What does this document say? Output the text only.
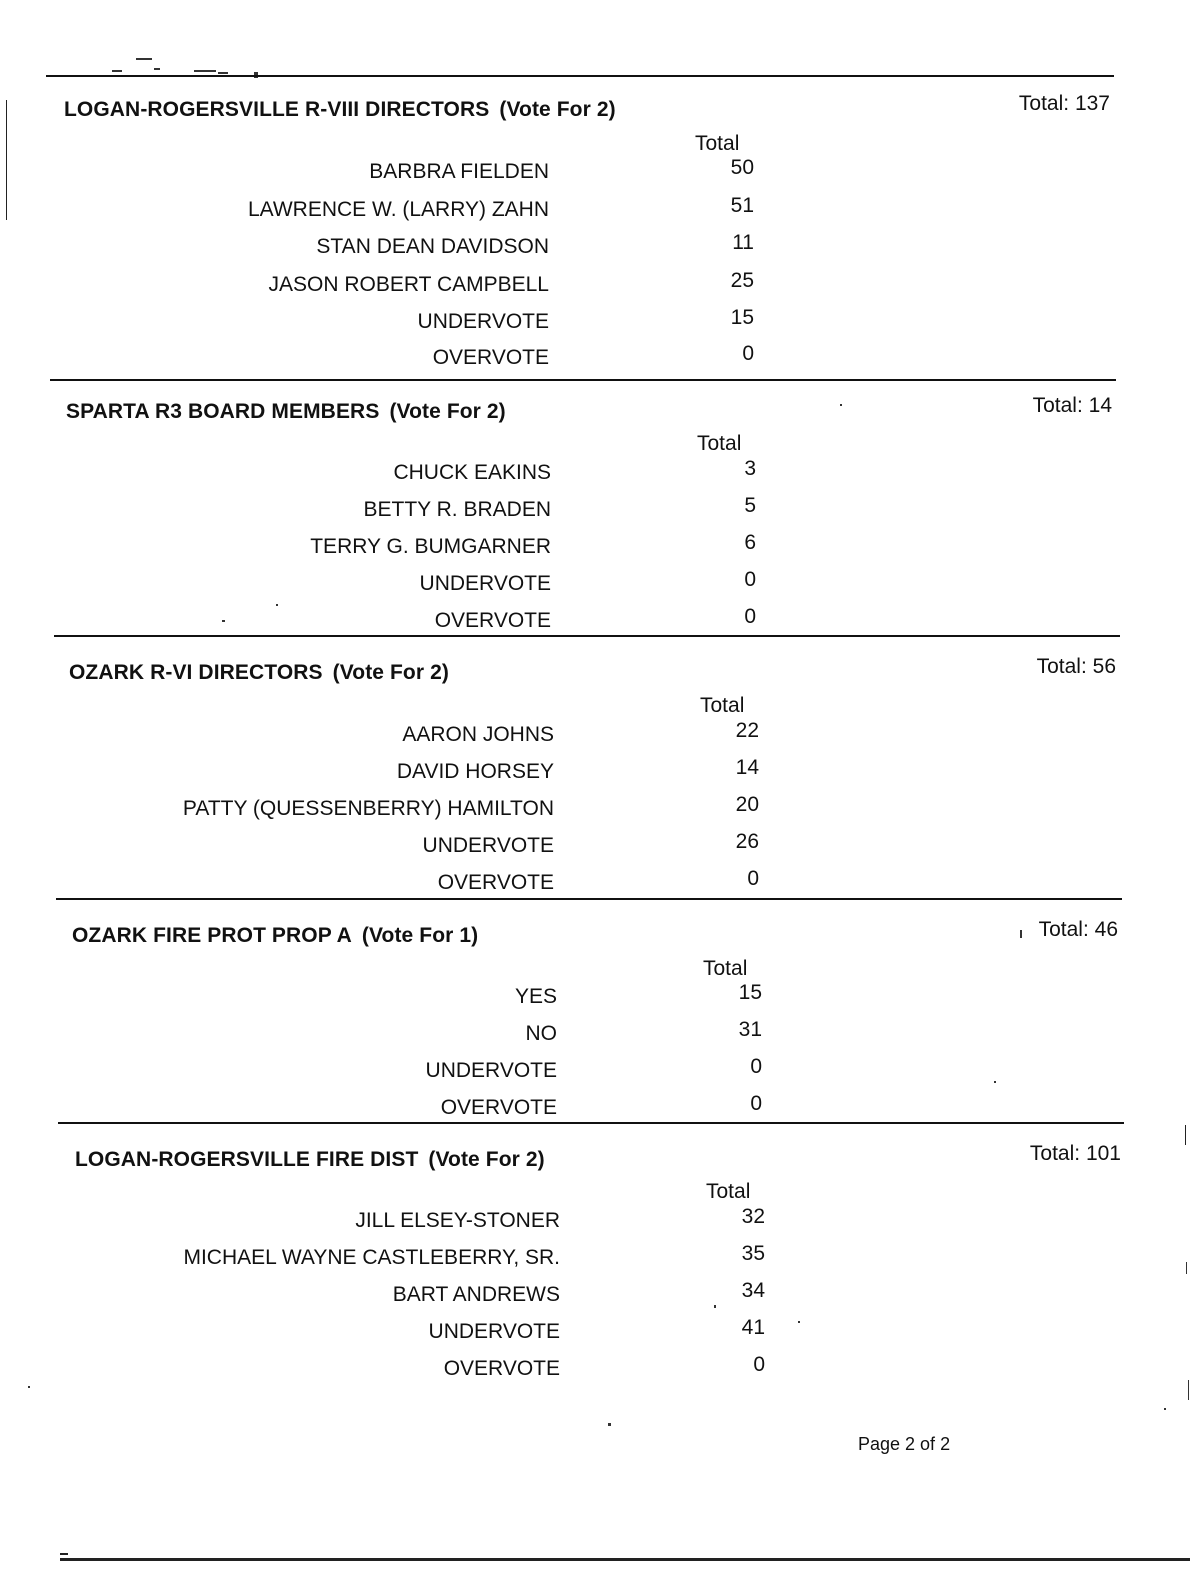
LOGAN-ROGERSVILLE R-VIII DIRECTORS (Vote For 2)	Total: 137
Total
BARBRA FIELDEN	50
LAWRENCE W. (LARRY) ZAHN	51
STAN DEAN DAVIDSON	11
JASON ROBERT CAMPBELL	25
UNDERVOTE	15
OVERVOTE	0
SPARTA R3 BOARD MEMBERS (Vote For 2)	Total: 14
Total
CHUCK EAKINS	3
BETTY R. BRADEN	5
TERRY G. BUMGARNER	6
UNDERVOTE	0
OVERVOTE	0
OZARK R-VI DIRECTORS (Vote For 2)	Total: 56
Total
AARON JOHNS	22
DAVID HORSEY	14
PATTY (QUESSENBERRY) HAMILTON	20
UNDERVOTE	26
OVERVOTE	0
OZARK FIRE PROT PROP A (Vote For 1)	Total: 46
Total
YES	15
NO	31
UNDERVOTE	0
OVERVOTE	0
LOGAN-ROGERSVILLE FIRE DIST (Vote For 2)	Total: 101
Total
JILL ELSEY-STONER	32
MICHAEL WAYNE CASTLEBERRY, SR.	35
BART ANDREWS	34
UNDERVOTE	41
OVERVOTE	0
Page 2 of 2
